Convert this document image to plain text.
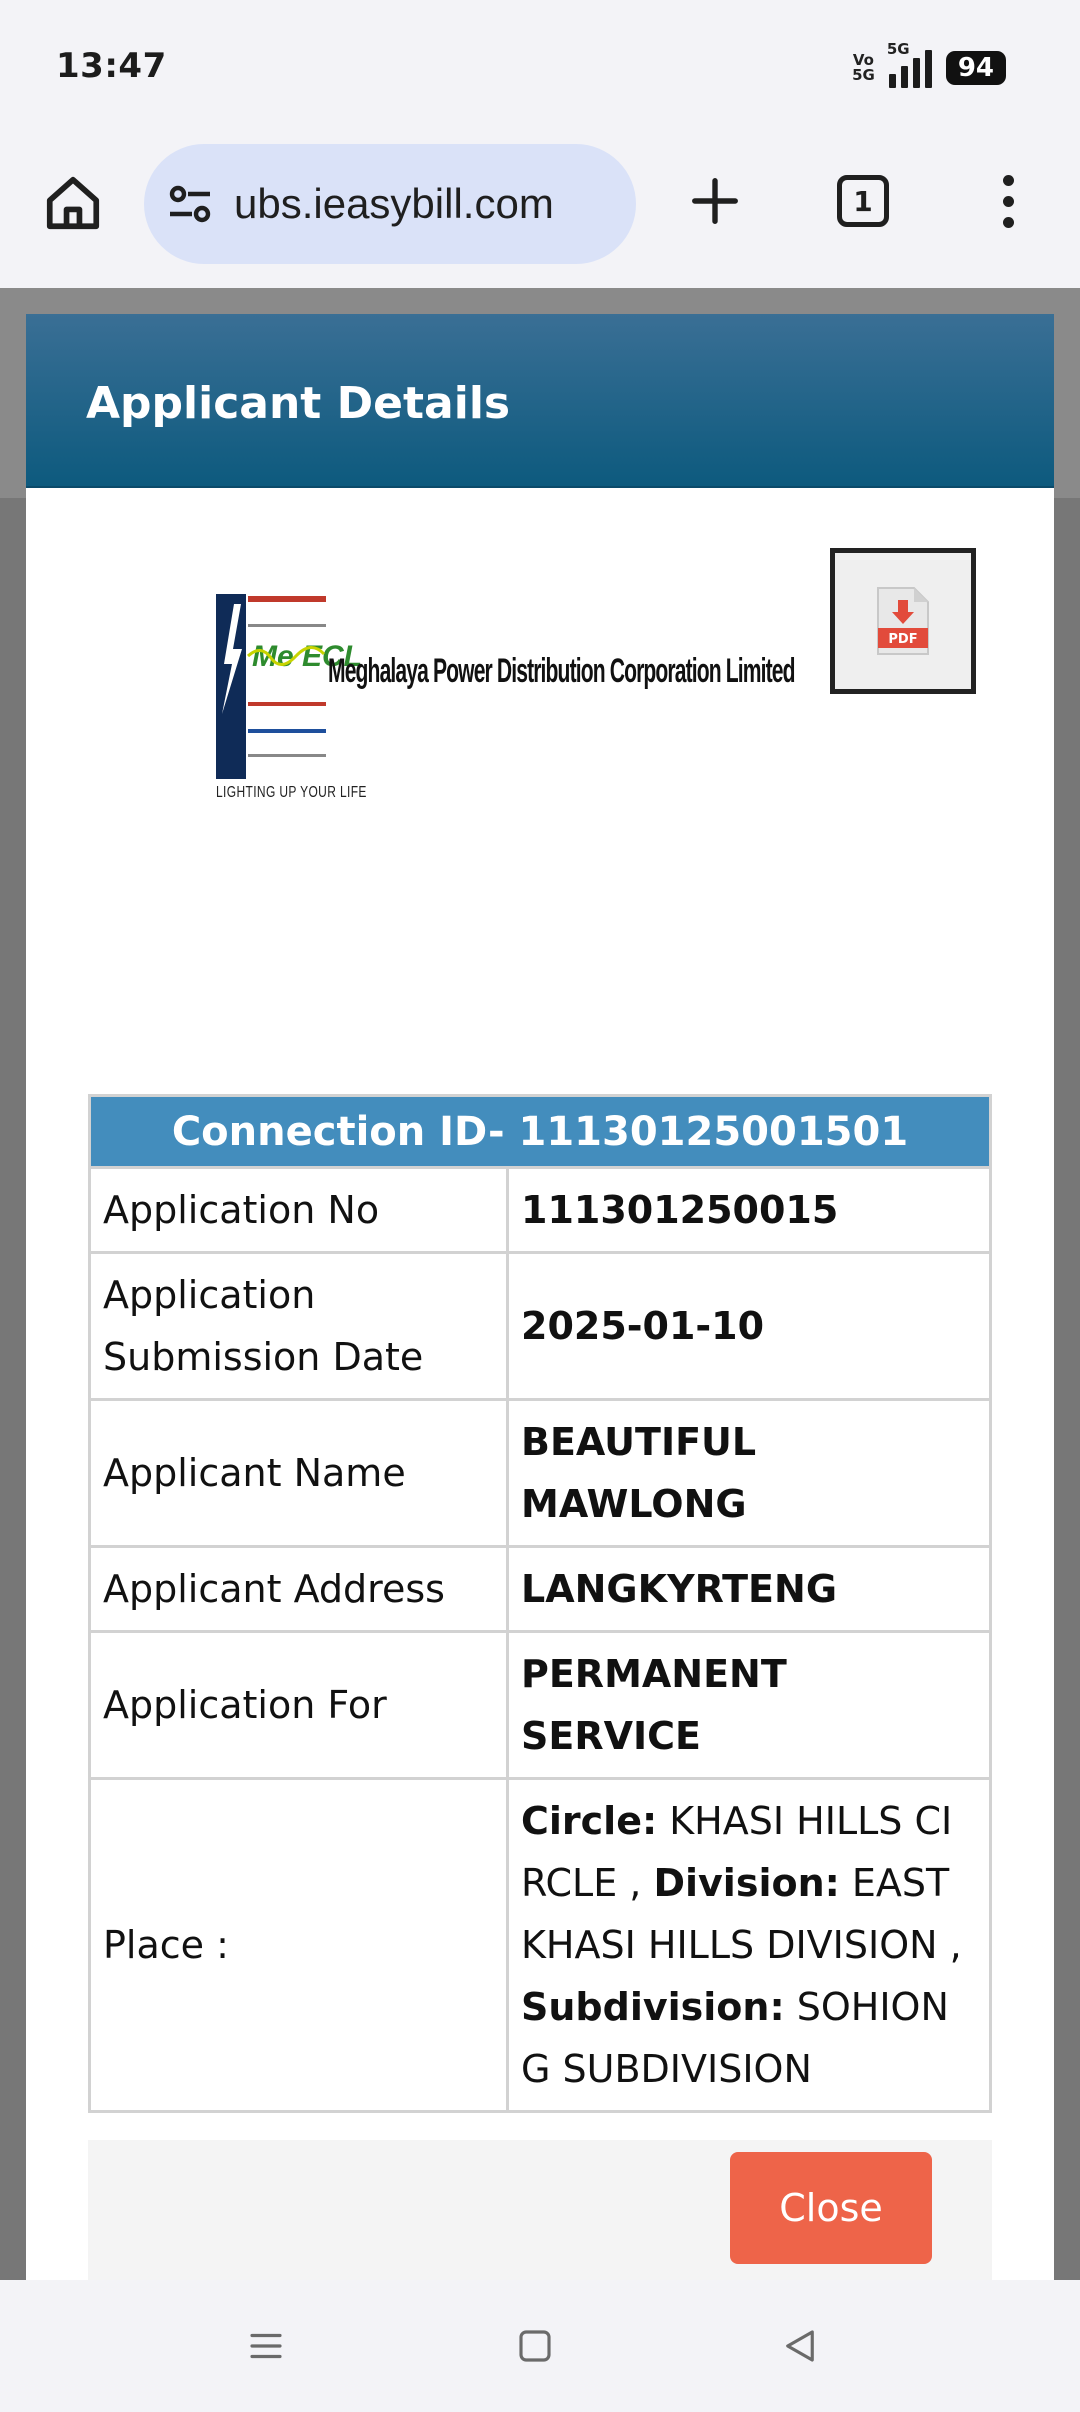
13:47	Vo
5G
5G
94
ubs.ieasybill.com	1
Applicant Details
Me ECL
Meghalaya Power Distribution Corporation Limited
LIGHTING UP YOUR LIFE
PDF
Connection ID- 11130125001501	
Application No	111301250015
Application Submission Date	2025-01-10
Applicant Name	BEAUTIFUL MAWLONG
Applicant Address	LANGKYRTENG
Application For	PERMANENT SERVICE
Place :	Circle: KHASI HILLS CIRCLE , Division: EAST KHASI HILLS DIVISION , Subdivision: SOHIONG SUBDIVISION
Close
